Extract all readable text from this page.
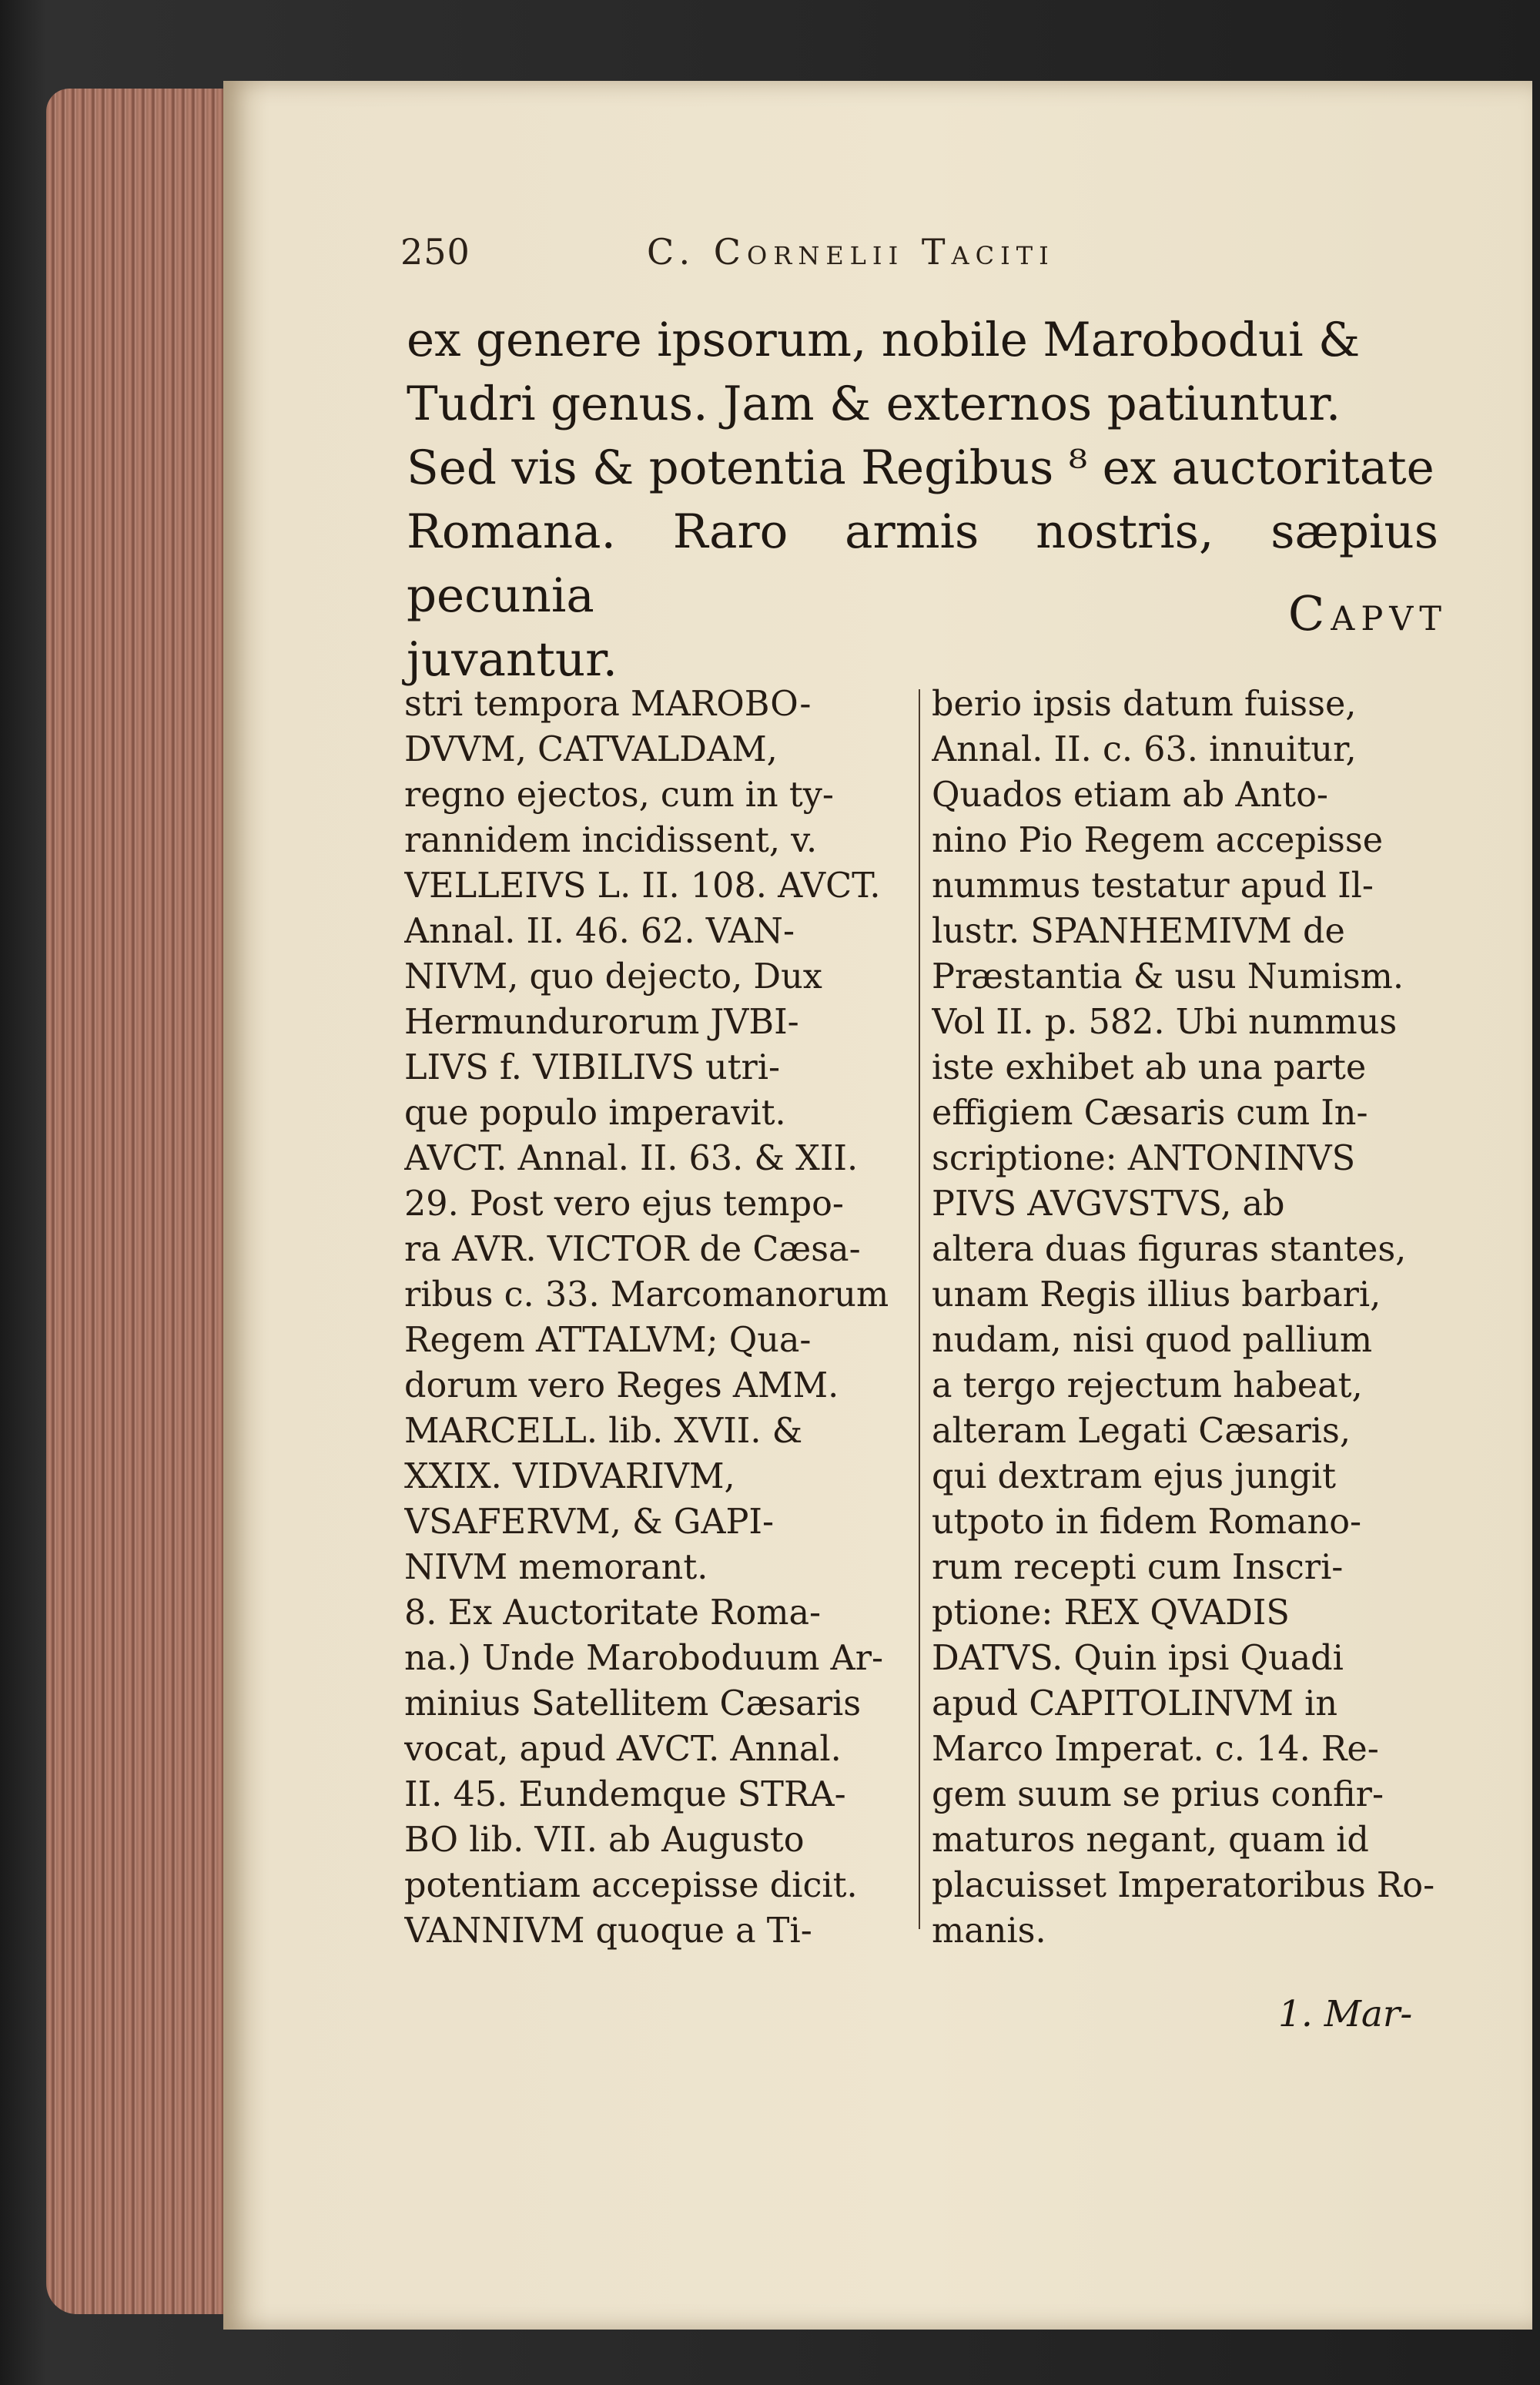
250	C. Cornelii Taciti

ex genere ipsorum, nobile Marobodui &

Tudri genus. Jam & externos patiuntur.

Sed vis & potentia Regibus ⁸ ex auctoritate

Romana. Raro armis nostris, sæpius pecunia

juvantur.

Capvt
stri tempora MAROBO-
DVVM, CATVALDAM,
regno ejectos, cum in ty-
rannidem incidissent, v.
VELLEIVS L. II. 108. AVCT.
Annal. II. 46. 62. VAN-
NIVM, quo dejecto, Dux
Hermundurorum JVBI-
LIVS f. VIBILIVS utri-
que populo imperavit.
AVCT. Annal. II. 63. & XII.
29. Post vero ejus tempo-
ra AVR. VICTOR de Cæsa-
ribus c. 33. Marcomanorum
Regem ATTALVM; Qua-
dorum vero Reges AMM.
MARCELL. lib. XVII. &
XXIX. VIDVARIVM,
VSAFERVM, & GAPI-
NIVM memorant.
8. Ex Auctoritate Roma-
na.) Unde Maroboduum Ar-
minius Satellitem Cæsaris
vocat, apud AVCT. Annal.
II. 45. Eundemque STRA-
BO lib. VII. ab Augusto
potentiam accepisse dicit.
VANNIVM quoque a Ti-
berio ipsis datum fuisse,
Annal. II. c. 63. innuitur,
Quados etiam ab Anto-
nino Pio Regem accepisse
nummus testatur apud Il-
lustr. SPANHEMIVM de
Præstantia & usu Numism.
Vol II. p. 582. Ubi nummus
iste exhibet ab una parte
effigiem Cæsaris cum In-
scriptione: ANTONINVS
PIVS AVGVSTVS, ab
altera duas figuras stantes,
unam Regis illius barbari,
nudam, nisi quod pallium
a tergo rejectum habeat,
alteram Legati Cæsaris,
qui dextram ejus jungit
utpoto in fidem Romano-
rum recepti cum Inscri-
ptione: REX QVADIS
DATVS. Quin ipsi Quadi
apud CAPITOLINVM in
Marco Imperat. c. 14. Re-
gem suum se prius confir-
maturos negant, quam id
placuisset Imperatoribus Ro-
manis.
1. Mar-
